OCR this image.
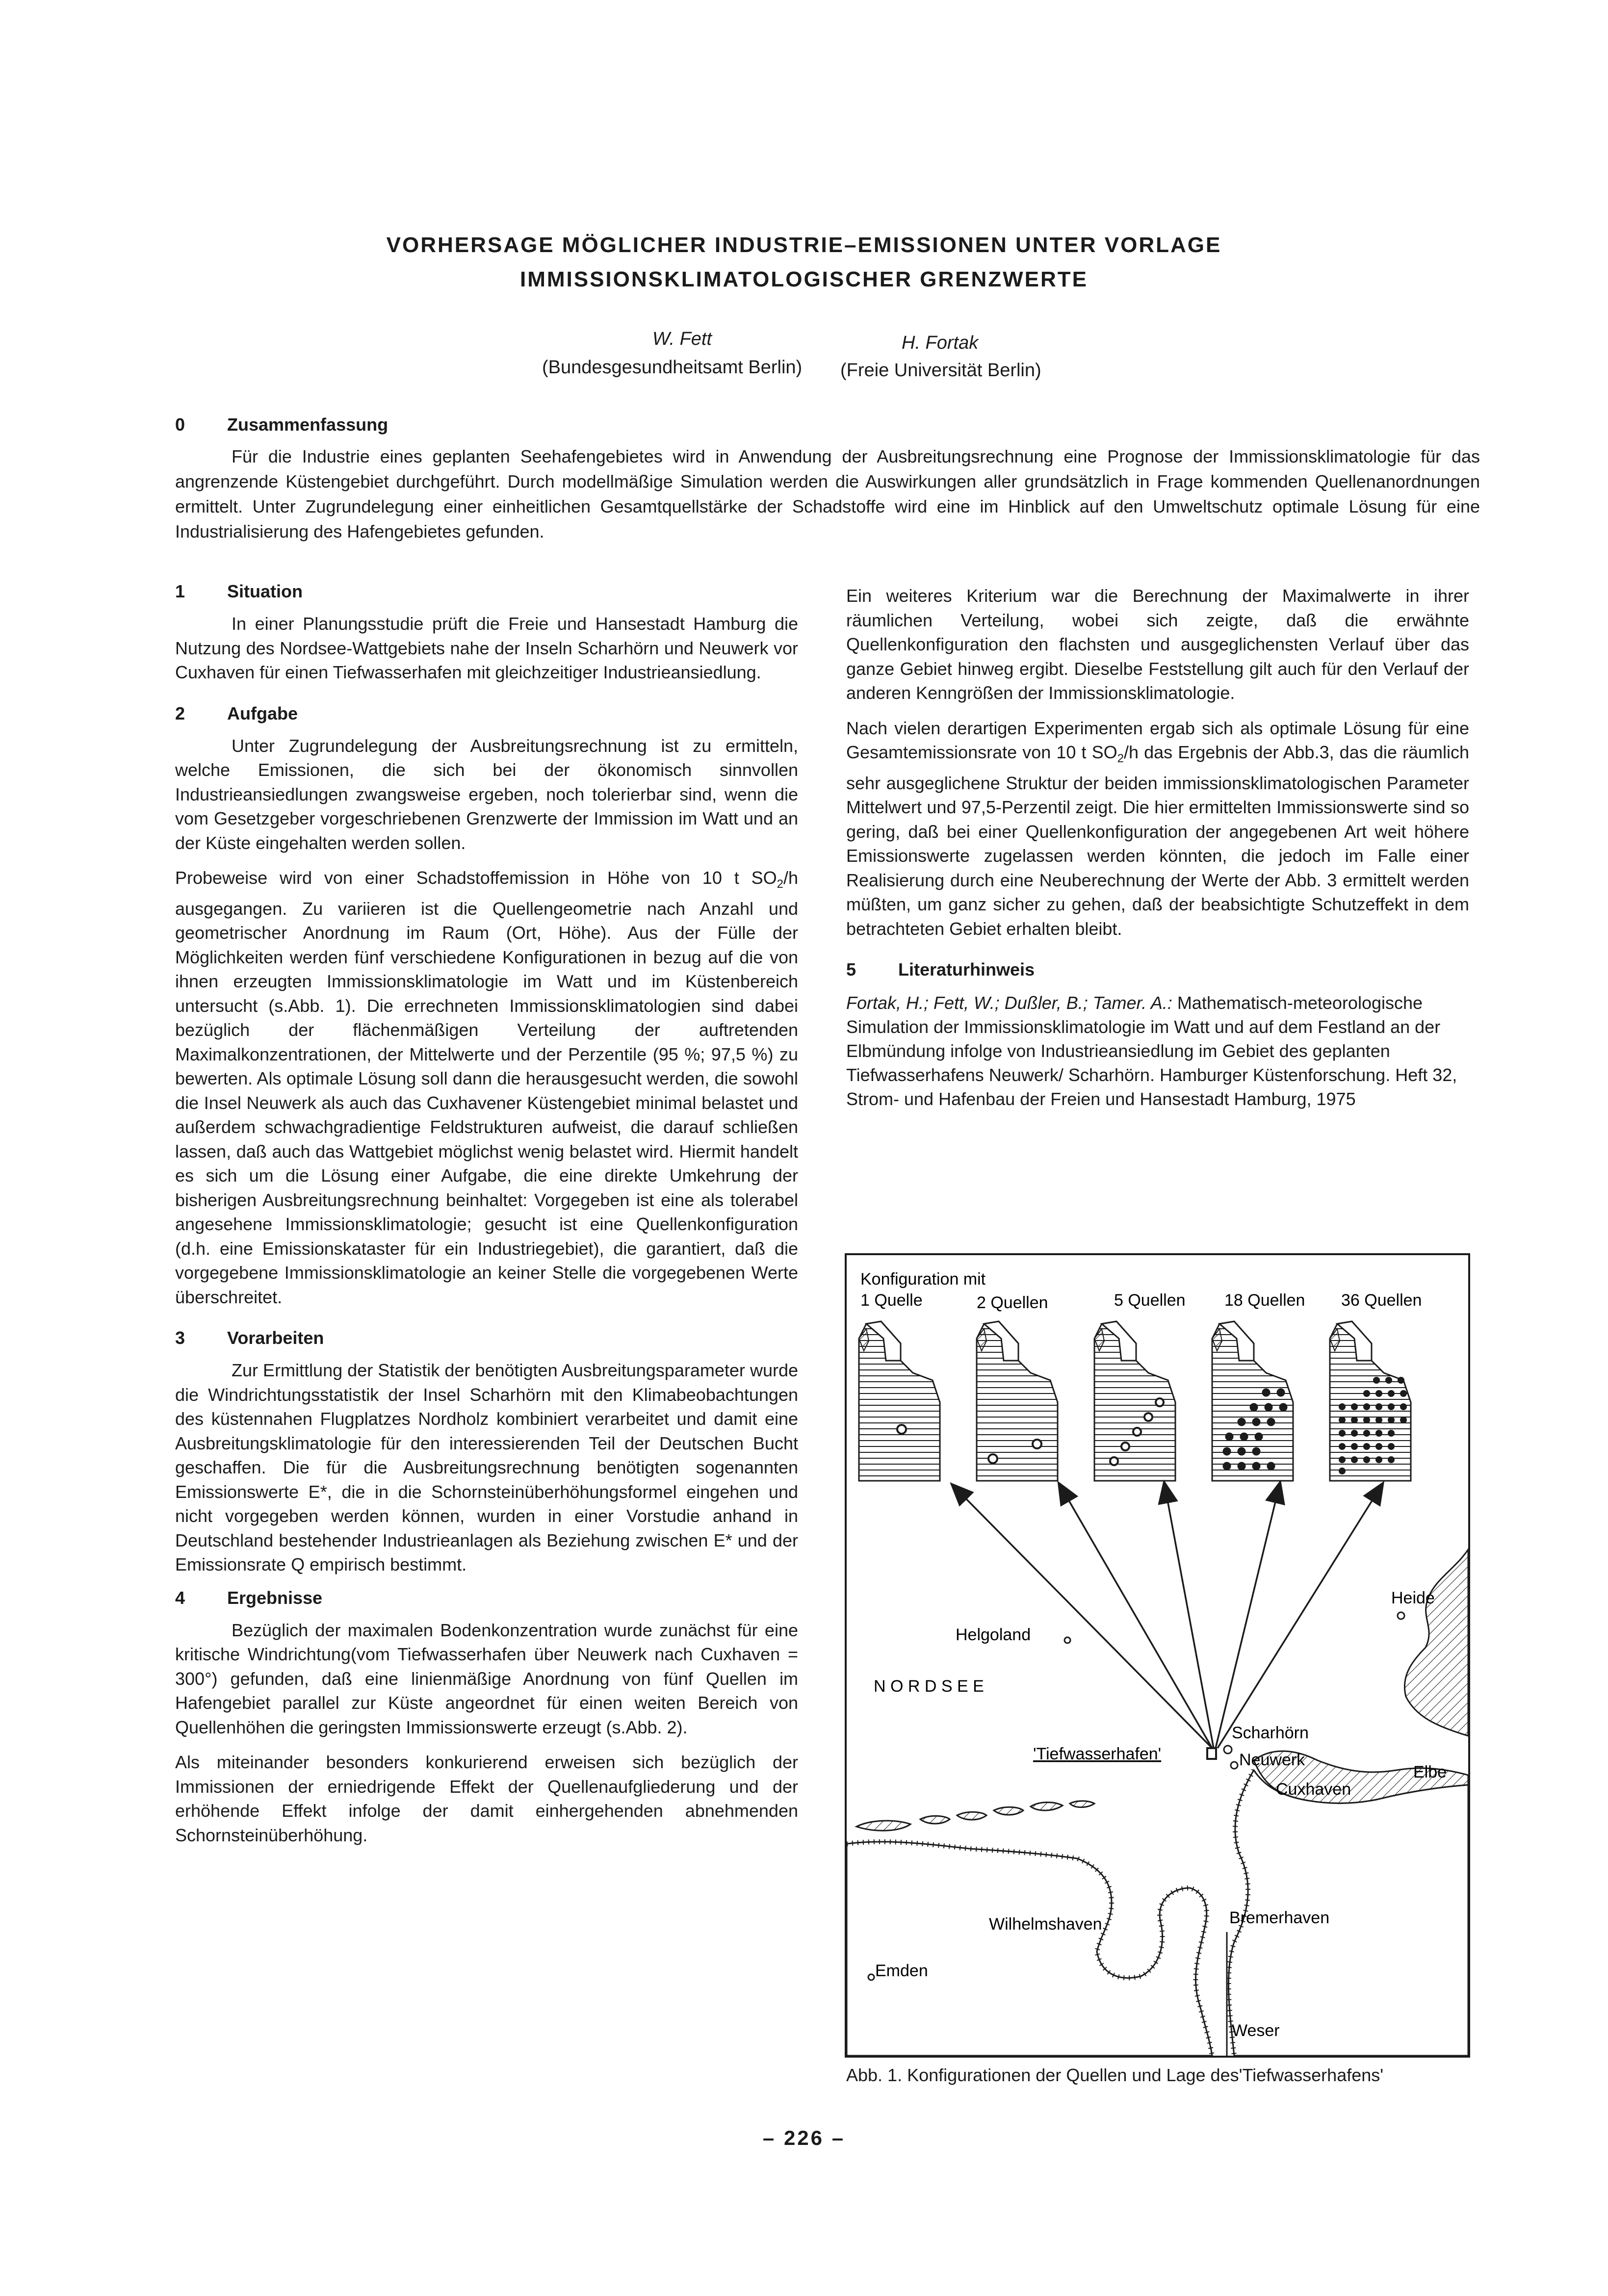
VORHERSAGE MÖGLICHER INDUSTRIE–EMISSIONEN UNTER VORLAGE
IMMISSIONSKLIMATOLOGISCHER GRENZWERTE
W. Fett	H. Fortak
(Bundesgesundheitsamt Berlin) (Freie Universität Berlin)
0 Zusammenfassung
Für die Industrie eines geplanten Seehafengebietes wird in Anwendung der Ausbreitungsrechnung eine Prognose der Immissionsklimatologie für das angrenzende Küstengebiet durchgeführt. Durch modellmäßige Simulation werden die Auswirkungen aller grundsätzlich in Frage kommenden Quellenanordnungen ermittelt. Unter Zugrundelegung einer einheitlichen Gesamtquellstärke der Schadstoffe wird eine im Hinblick auf den Umweltschutz optimale Lösung für eine Industrialisierung des Hafengebietes gefunden.
1 Situation

In einer Planungsstudie prüft die Freie und Hansestadt Hamburg die Nutzung des Nordsee-Wattgebiets nahe der Inseln Scharhörn und Neuwerk vor Cuxhaven für einen Tiefwasserhafen mit gleichzeitiger Industrieansiedlung.

2 Aufgabe

Unter Zugrundelegung der Ausbreitungsrechnung ist zu ermitteln, welche Emissionen, die sich bei der ökonomisch sinnvollen Industrieansiedlungen zwangsweise ergeben, noch tolerierbar sind, wenn die vom Gesetzgeber vorgeschriebenen Grenzwerte der Immission im Watt und an der Küste eingehalten werden sollen.

Probeweise wird von einer Schadstoffemission in Höhe von 10 t $SO_2/h$ ausgegangen. Zu variieren ist die Quellengeometrie nach Anzahl und geometrischer Anordnung im Raum (Ort, Höhe). Aus der Fülle der Möglichkeiten werden fünf verschiedene Konfigurationen in bezug auf die von ihnen erzeugten Immissionsklimatologie im Watt und im Küstenbereich untersucht (s.Abb. 1). Die errechneten Immissionsklimatologien sind dabei bezüglich der flächenmäßigen Verteilung der auftretenden Maximalkonzentrationen, der Mittelwerte und der Perzentile (95 %; 97,5 %) zu bewerten. Als optimale Lösung soll dann die herausgesucht werden, die sowohl die Insel Neuwerk als auch das Cuxhavener Küstengebiet minimal belastet und außerdem schwachgradientige Feldstrukturen aufweist, die darauf schließen lassen, daß auch das Wattgebiet möglichst wenig belastet wird. Hiermit handelt es sich um die Lösung einer Aufgabe, die eine direkte Umkehrung der bisherigen Ausbreitungsrechnung beinhaltet: Vorgegeben ist eine als tolerabel angesehene Immissionsklimatologie; gesucht ist eine Quellenkonfiguration (d.h. eine Emissionskataster für ein Industriegebiet), die garantiert, daß die vorgegebene Immissionsklimatologie an keiner Stelle die vorgegebenen Werte überschreitet.

3 Vorarbeiten

Zur Ermittlung der Statistik der benötigten Ausbreitungsparameter wurde die Windrichtungsstatistik der Insel Scharhörn mit den Klimabeobachtungen des küstennahen Flugplatzes Nordholz kombiniert verarbeitet und damit eine Ausbreitungsklimatologie für den interessierenden Teil der Deutschen Bucht geschaffen. Die für die Ausbreitungsrechnung benötigten sogenannten Emissionswerte E*, die in die Schornsteinüberhöhungsformel eingehen und nicht vorgegeben werden können, wurden in einer Vorstudie anhand in Deutschland bestehender Industrieanlagen als Beziehung zwischen E* und der Emissionsrate Q empirisch bestimmt.

4 Ergebnisse

Bezüglich der maximalen Bodenkonzentration wurde zunächst für eine kritische Windrichtung(vom Tiefwasserhafen über Neuwerk nach Cuxhaven = 300°) gefunden, daß eine linienmäßige Anordnung von fünf Quellen im Hafengebiet parallel zur Küste angeordnet für einen weiten Bereich von Quellenhöhen die geringsten Immissionswerte erzeugt (s.Abb. 2).

Als miteinander besonders konkurierend erweisen sich bezüglich der Immissionen der erniedrigende Effekt der Quellenaufgliederung und der erhöhende Effekt infolge der damit einhergehenden abnehmenden Schornsteinüberhöhung.

Ein weiteres Kriterium war die Berechnung der Maximalwerte in ihrer räumlichen Verteilung, wobei sich zeigte, daß die erwähnte Quellenkonfiguration den flachsten und ausgeglichensten Verlauf über das ganze Gebiet hinweg ergibt. Dieselbe Feststellung gilt auch für den Verlauf der anderen Kenngrößen der Immissionsklimatologie.

Nach vielen derartigen Experimenten ergab sich als optimale Lösung für eine Gesamtemissionsrate von 10 t $SO_2/h$ das Ergebnis der Abb.3, das die räumlich sehr ausgeglichene Struktur der beiden immissionsklimatologischen Parameter Mittelwert und 97,5-Perzentil zeigt. Die hier ermittelten Immissionswerte sind so gering, daß bei einer Quellenkonfiguration der angegebenen Art weit höhere Emissionswerte zugelassen werden könnten, die jedoch im Falle einer Realisierung durch eine Neuberechnung der Werte der Abb. 3 ermittelt werden müßten, um ganz sicher zu gehen, daß der beabsichtigte Schutzeffekt in dem betrachteten Gebiet erhalten bleibt.

5 Literaturhinweis
Fortak, H.; Fett, W.; Dußler, B.; Tamer. A.: Mathematisch-meteorologische Simulation der Immissionsklimatologie im Watt und auf dem Festland an der Elbmündung infolge von Industrieansiedlung im Gebiet des geplanten Tiefwasserhafens Neuwerk/ Scharhörn. Hamburger Küstenforschung. Heft 32, Strom- und Hafenbau der Freien und Hansestadt Hamburg, 1975
Konfiguration mit
1 Quelle	2 Quellen	5 Quellen 18 Quellen 36 Quellen
Helgoland
Heide
N O R D S E E
Scharhörn
Neuwerk
'Tiefwasserhafen'
Elbe
Cuxhaven
Wilhelmshaven	Bremerhaven
Emden
Weser
Abb. 1. Konfigurationen der Quellen und Lage des'Tiefwasserhafens'
– 226 –
